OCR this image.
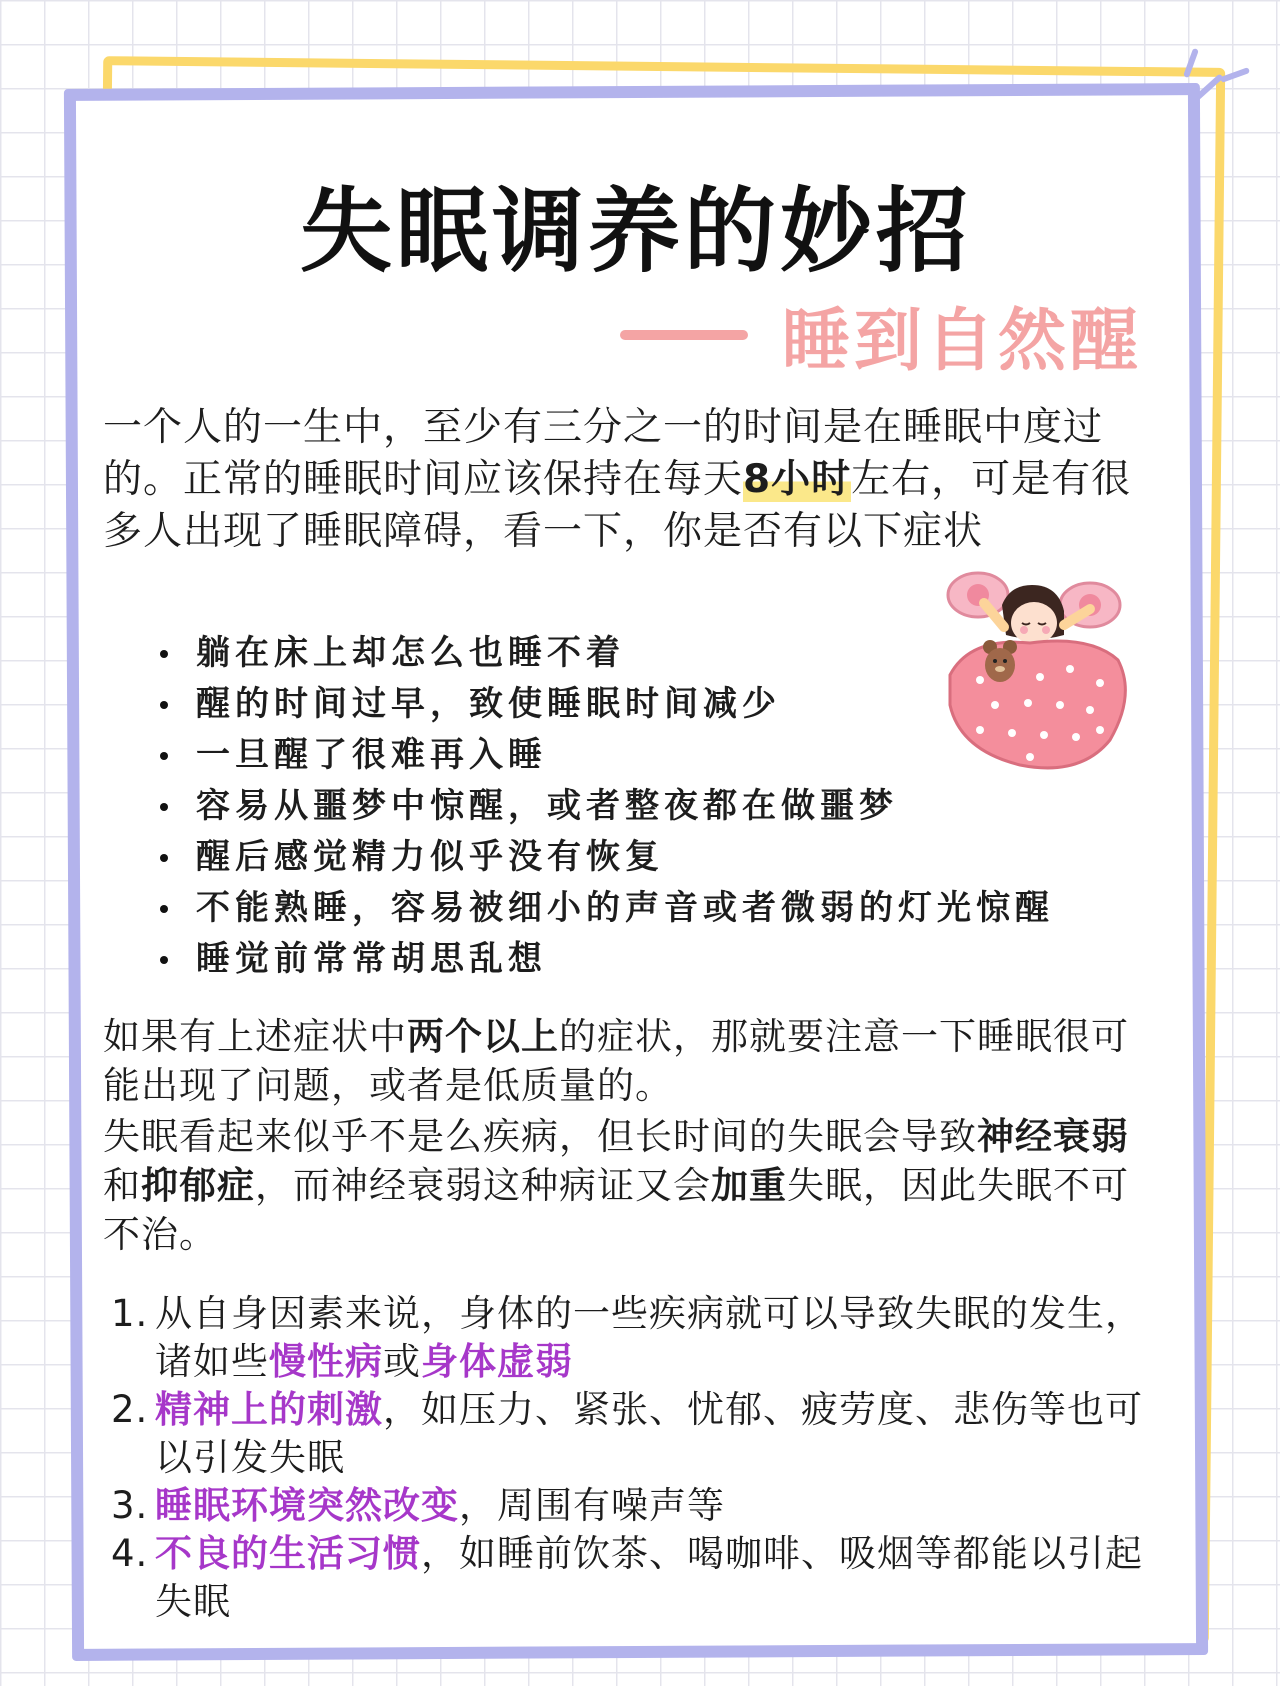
失眠调养的妙招
睡到自然醒

一个人的一生中，至少有三分之一的时间是在睡眠中度过的。正常的睡眠时间应该保持在每天8小时左右，可是有很多人出现了睡眠障碍，看一下，你是否有以下症状

躺在床上却怎么也睡不着
醒的时间过早，致使睡眠时间减少
一旦醒了很难再入睡
容易从噩梦中惊醒，或者整夜都在做噩梦
醒后感觉精力似乎没有恢复
不能熟睡，容易被细小的声音或者微弱的灯光惊醒
睡觉前常常胡思乱想

如果有上述症状中两个以上的症状，那就要注意一下睡眠很可能出现了问题，或者是低质量的。

失眠看起来似乎不是么疾病，但长时间的失眠会导致神经衰弱和抑郁症，而神经衰弱这种病证又会加重失眠，因此失眠不可不治。

1. 从自身因素来说，身体的一些疾病就可以导致失眠的发生，诸如些慢性病或身体虚弱
2. 精神上的刺激，如压力、紧张、忧郁、疲劳度、悲伤等也可以引发失眠
3. 睡眠环境突然改变，周围有噪声等
4. 不良的生活习惯，如睡前饮茶、喝咖啡、吸烟等都能以引起失眠
